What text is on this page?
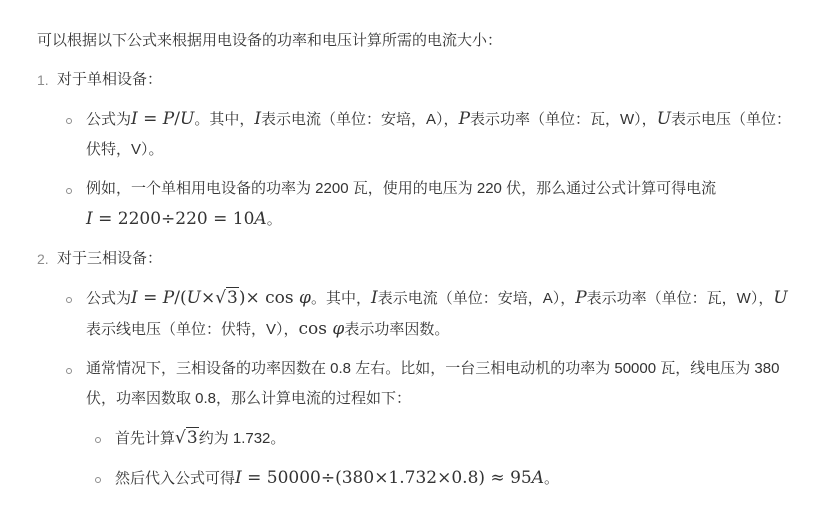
可以根据以下公式来根据用电设备的功率和电压计算所需的电流大小：
1. 对于单相设备：
公式为I = P/U。其中，I表示电流（单位：安培，A），P表示功率（单位：瓦，W），U表示电压（单位：伏特，V）。
例如，一个单相用电设备的功率为 2200 瓦，使用的电压为 220 伏，那么通过公式计算可得电流 I = 2200÷220 = 10A。
2. 对于三相设备：
公式为I = P/(U×√3)× cos φ。其中，I表示电流（单位：安培，A），P表示功率（单位：瓦，W），U表示线电压（单位：伏特，V），cos φ表示功率因数。
通常情况下，三相设备的功率因数在 0.8 左右。比如，一台三相电动机的功率为 50000 瓦，线电压为 380 伏，功率因数取 0.8，那么计算电流的过程如下：
首先计算√3约为 1.732。
然后代入公式可得I = 50000÷(380×1.732×0.8) ≈ 95A。
